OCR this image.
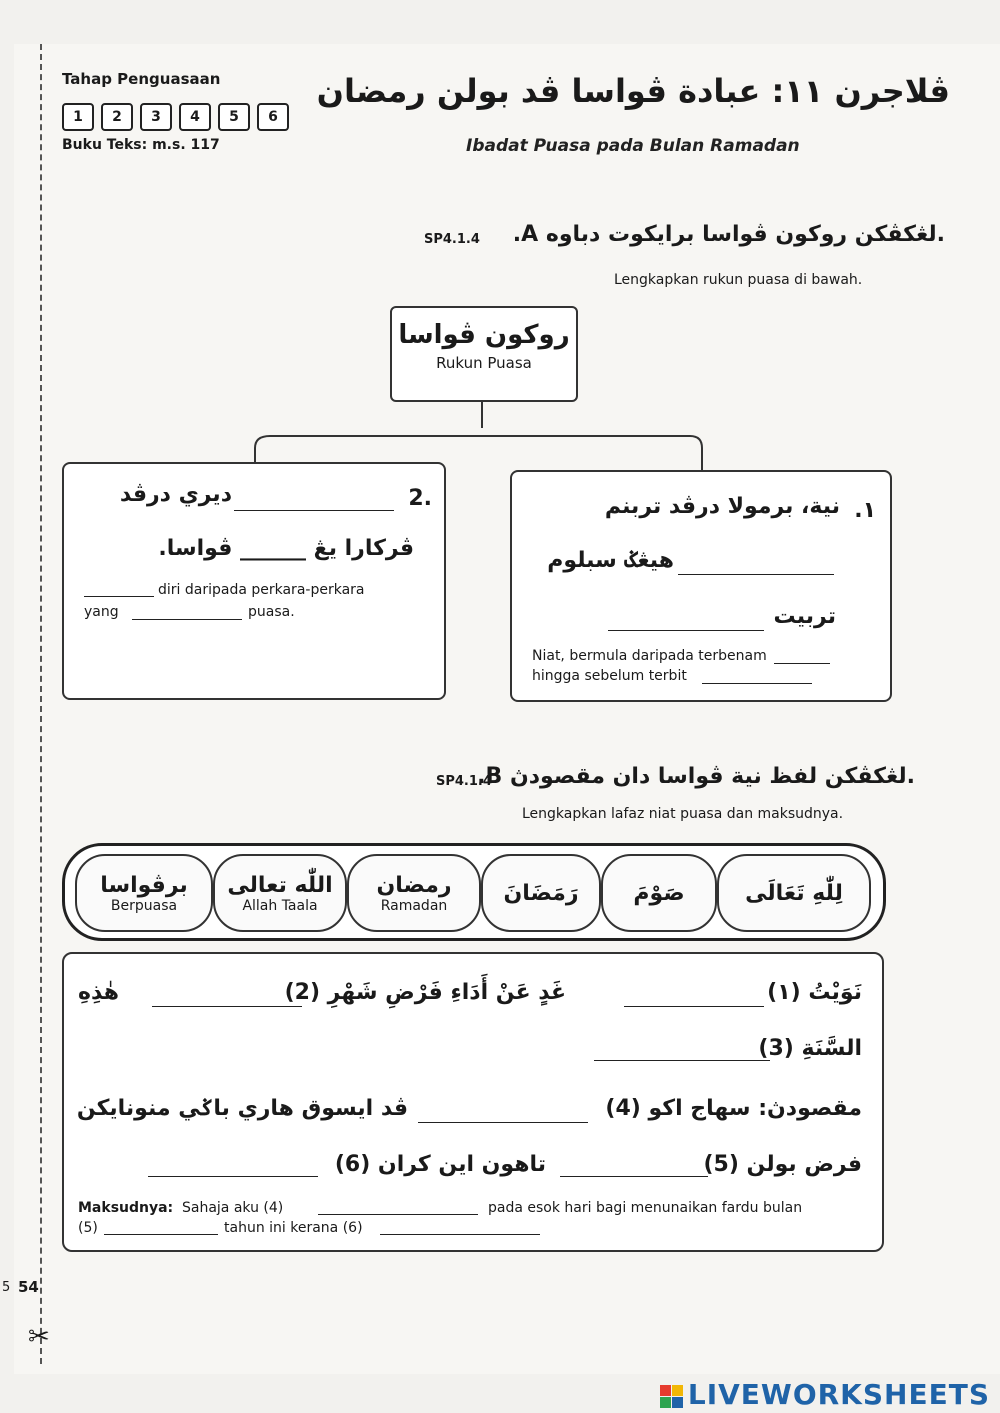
Tahap Penguasaan
1	2	3	4	5	6
Buku Teks: m.s. 117
ڤلاجرن ١١: عبادة ڤواسا ڤد بولن رمضان
Ibadat Puasa pada Bulan Ramadan
.A لڠكڤكن روكون ڤواسا برايكوت دباوه.
SP4.1.4
Lengkapkan rukun puasa di bawah.
روكون ڤواسا
Rukun Puasa
2.
ديري درڤد
ڤركارا يڠ ______ ڤواسا.
diri daripada perkara-perkara
yang	puasa.
.١
نية، برمولا درڤد تربنم
هيڠݢ سبلوم
تربيت
Niat, bermula daripada terbenam
hingga sebelum terbit
.B لڠكڤكن لفظ نية ڤواسا دان مقصودڽ.
SP4.1.4
Lengkapkan lafaz niat puasa dan maksudnya.
برڤواسا
Berpuasa
اللّٰه تعالى
Allah Taala
رمضان
Ramadan	رَمَضَانَ	صَوْمَ	لِلّٰهِ تَعَالَى
نَوَيْتُ (١)
غَدٍ عَنْ أَدَاءِ فَرْضِ شَهْرِ (2)
هٰذِهِ
السَّنَةِ (3)
مقصودڽ: سهاج اکو (4)
ڤد ايسوق هاري باݢي منونايكن
فرض بولن (5)
تاهون اين كران (6)
Maksudnya: Sahaja aku (4)	pada esok hari bagi menunaikan fardu bulan
(5)	tahun ini kerana (6)
5 54
✂
LIVEWORKSHEETS
